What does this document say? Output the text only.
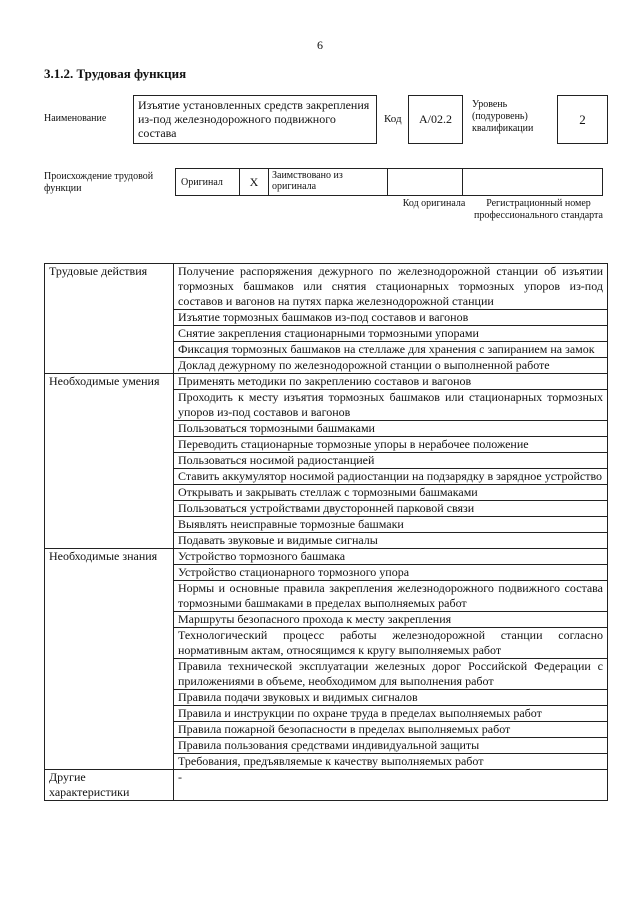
6
3.1.2. Трудовая функция
Наименование
Изъятие установленных средств закрепления из-под железнодорожного подвижного состава
Код	А/02.2
Уровень (подуровень) квалификации
2
Происхождение трудовой функции
Оригинал	X	Заимствовано из оригинала
Код оригинала	Регистрационный номер профессионального стандарта
Трудовые действия	Получение распоряжения дежурного по железнодорожной станции об изъятии тормозных башмаков или снятия стационарных тормозных упоров из-под составов и вагонов на путях парка железнодорожной станции
	Изъятие тормозных башмаков из-под составов и вагонов
	Снятие закрепления стационарными тормозными упорами
	Фиксация тормозных башмаков на стеллаже для хранения с запиранием на замок
	Доклад дежурному по железнодорожной станции о выполненной работе
Необходимые умения	Применять методики по закреплению составов и вагонов
	Проходить к месту изъятия тормозных башмаков или стационарных тормозных упоров из-под составов и вагонов
	Пользоваться тормозными башмаками
	Переводить стационарные тормозные упоры в нерабочее положение
	Пользоваться носимой радиостанцией
	Ставить аккумулятор носимой радиостанции на подзарядку в зарядное устройство
	Открывать и закрывать стеллаж с тормозными башмаками
	Пользоваться устройствами двусторонней парковой связи
	Выявлять неисправные тормозные башмаки
	Подавать звуковые и видимые сигналы
Необходимые знания	Устройство тормозного башмака
	Устройство стационарного тормозного упора
	Нормы и основные правила закрепления железнодорожного подвижного состава тормозными башмаками в пределах выполняемых работ
	Маршруты безопасного прохода к месту закрепления
	Технологический процесс работы железнодорожной станции согласно нормативным актам, относящимся к кругу выполняемых работ
	Правила технической эксплуатации железных дорог Российской Федерации с приложениями в объеме, необходимом для выполнения работ
	Правила подачи звуковых и видимых сигналов
	Правила и инструкции по охране труда в пределах выполняемых работ
	Правила пожарной безопасности в пределах выполняемых работ
	Правила пользования средствами индивидуальной защиты
	Требования, предъявляемые к качеству выполняемых работ
Другие характеристики	-
